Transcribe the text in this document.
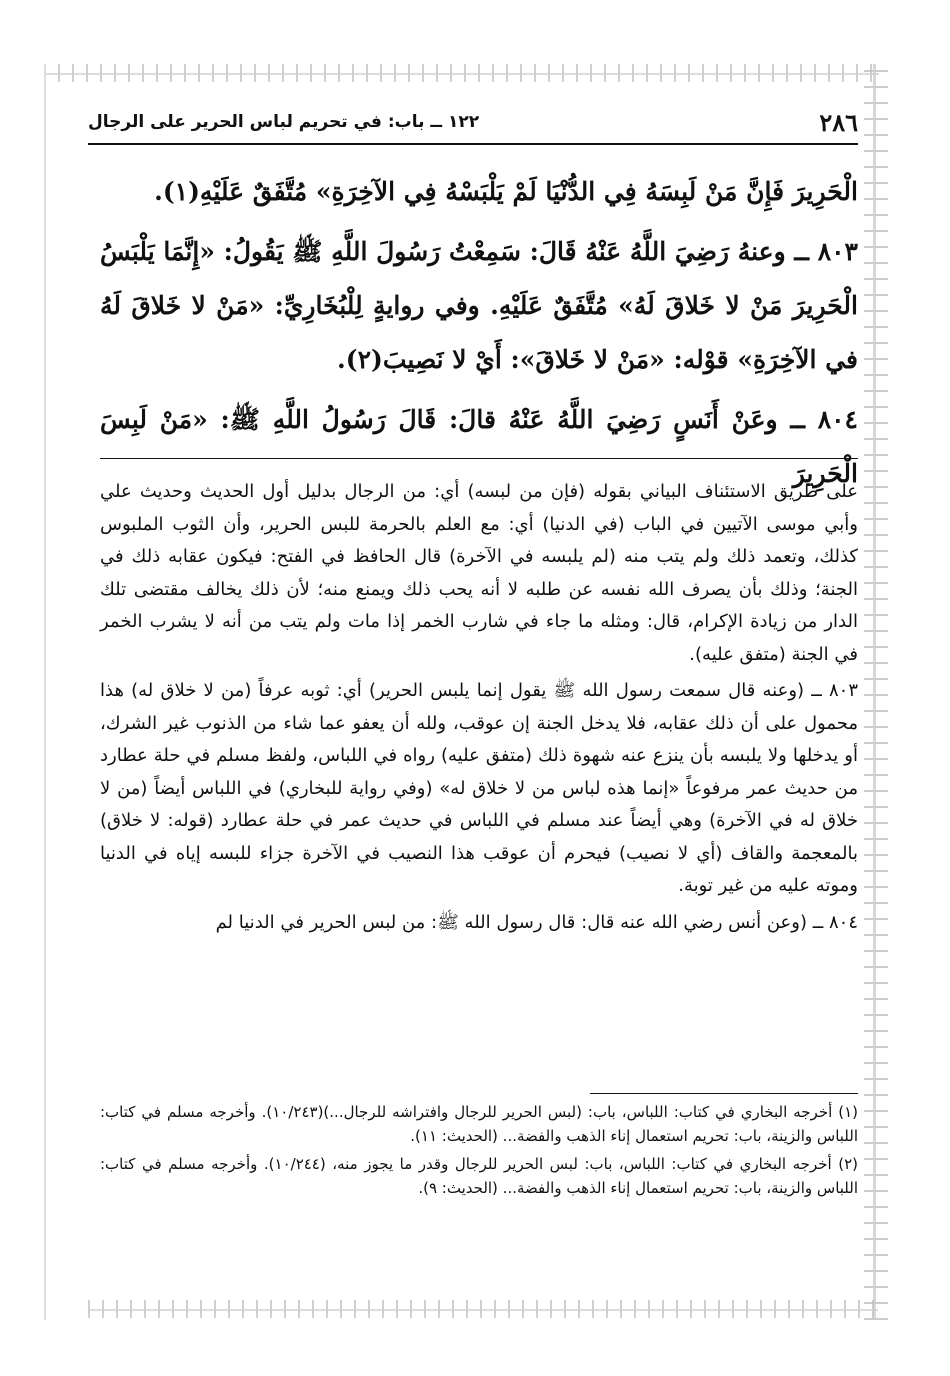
٢٨٦
١٢٢ ــ باب: في تحريم لباس الحرير على الرجال

الْحَرِيرَ فَإِنَّ مَنْ لَبِسَهُ فِي الدُّنْيَا لَمْ يَلْبَسْهُ فِي الآخِرَةِ» مُتَّفَقٌ عَلَيْهِ(١).

٨٠٣ ــ وعنهُ رَضِيَ اللَّهُ عَنْهُ قَالَ: سَمِعْتُ رَسُولَ اللَّهِ ﷺ يَقُولُ: «إِنَّمَا يَلْبَسُ الْحَرِيرَ مَنْ لا خَلاقَ لَهُ» مُتَّفَقٌ عَلَيْهِ. وفي روايةٍ لِلْبُخَارِيِّ: «مَنْ لا خَلاقَ لَهُ في الآخِرَةِ» قوْله: «مَنْ لا خَلاقَ»: أَيْ لا نَصِيبَ(٢).

٨٠٤ ــ وعَنْ أَنَسٍ رَضِيَ اللَّهُ عَنْهُ قالَ: قَالَ رَسُولُ اللَّهِ ﷺ: «مَنْ لَبِسَ الْحَرِيرَ

على طريق الاستئناف البياني بقوله (فإن من لبسه) أي: من الرجال بدليل أول الحديث وحديث علي وأبي موسى الآتيين في الباب (في الدنيا) أي: مع العلم بالحرمة للبس الحرير، وأن الثوب الملبوس كذلك، وتعمد ذلك ولم يتب منه (لم يلبسه في الآخرة) قال الحافظ في الفتح: فيكون عقابه ذلك في الجنة؛ وذلك بأن يصرف الله نفسه عن طلبه لا أنه يحب ذلك ويمنع منه؛ لأن ذلك يخالف مقتضى تلك الدار من زيادة الإكرام، قال: ومثله ما جاء في شارب الخمر إذا مات ولم يتب من أنه لا يشرب الخمر في الجنة (متفق عليه).

٨٠٣ ــ (وعنه قال سمعت رسول الله ﷺ يقول إنما يلبس الحرير) أي: ثوبه عرفاً (من لا خلاق له) هذا محمول على أن ذلك عقابه، فلا يدخل الجنة إن عوقب، ولله أن يعفو عما شاء من الذنوب غير الشرك، أو يدخلها ولا يلبسه بأن ينزع عنه شهوة ذلك (متفق عليه) رواه في اللباس، ولفظ مسلم في حلة عطارد من حديث عمر مرفوعاً «إنما هذه لباس من لا خلاق له» (وفي رواية للبخاري) في اللباس أيضاً (من لا خلاق له في الآخرة) وهي أيضاً عند مسلم في اللباس في حديث عمر في حلة عطارد (قوله: لا خلاق) بالمعجمة والقاف (أي لا نصيب) فيحرم أن عوقب هذا النصيب في الآخرة جزاء للبسه إياه في الدنيا وموته عليه من غير توبة.

٨٠٤ ــ (وعن أنس رضي الله عنه قال: قال رسول الله ﷺ: من لبس الحرير في الدنيا لم

(١) أخرجه البخاري في كتاب: اللباس، باب: (لبس الحرير للرجال وافتراشه للرجال...)(١٠/٢٤٣). وأخرجه مسلم في كتاب: اللباس والزينة، باب: تحريم استعمال إناء الذهب والفضة... (الحديث: ١١).

(٢) أخرجه البخاري في كتاب: اللباس، باب: لبس الحرير للرجال وقدر ما يجوز منه، (١٠/٢٤٤). وأخرجه مسلم في كتاب: اللباس والزينة، باب: تحريم استعمال إناء الذهب والفضة... (الحديث: ٩).
